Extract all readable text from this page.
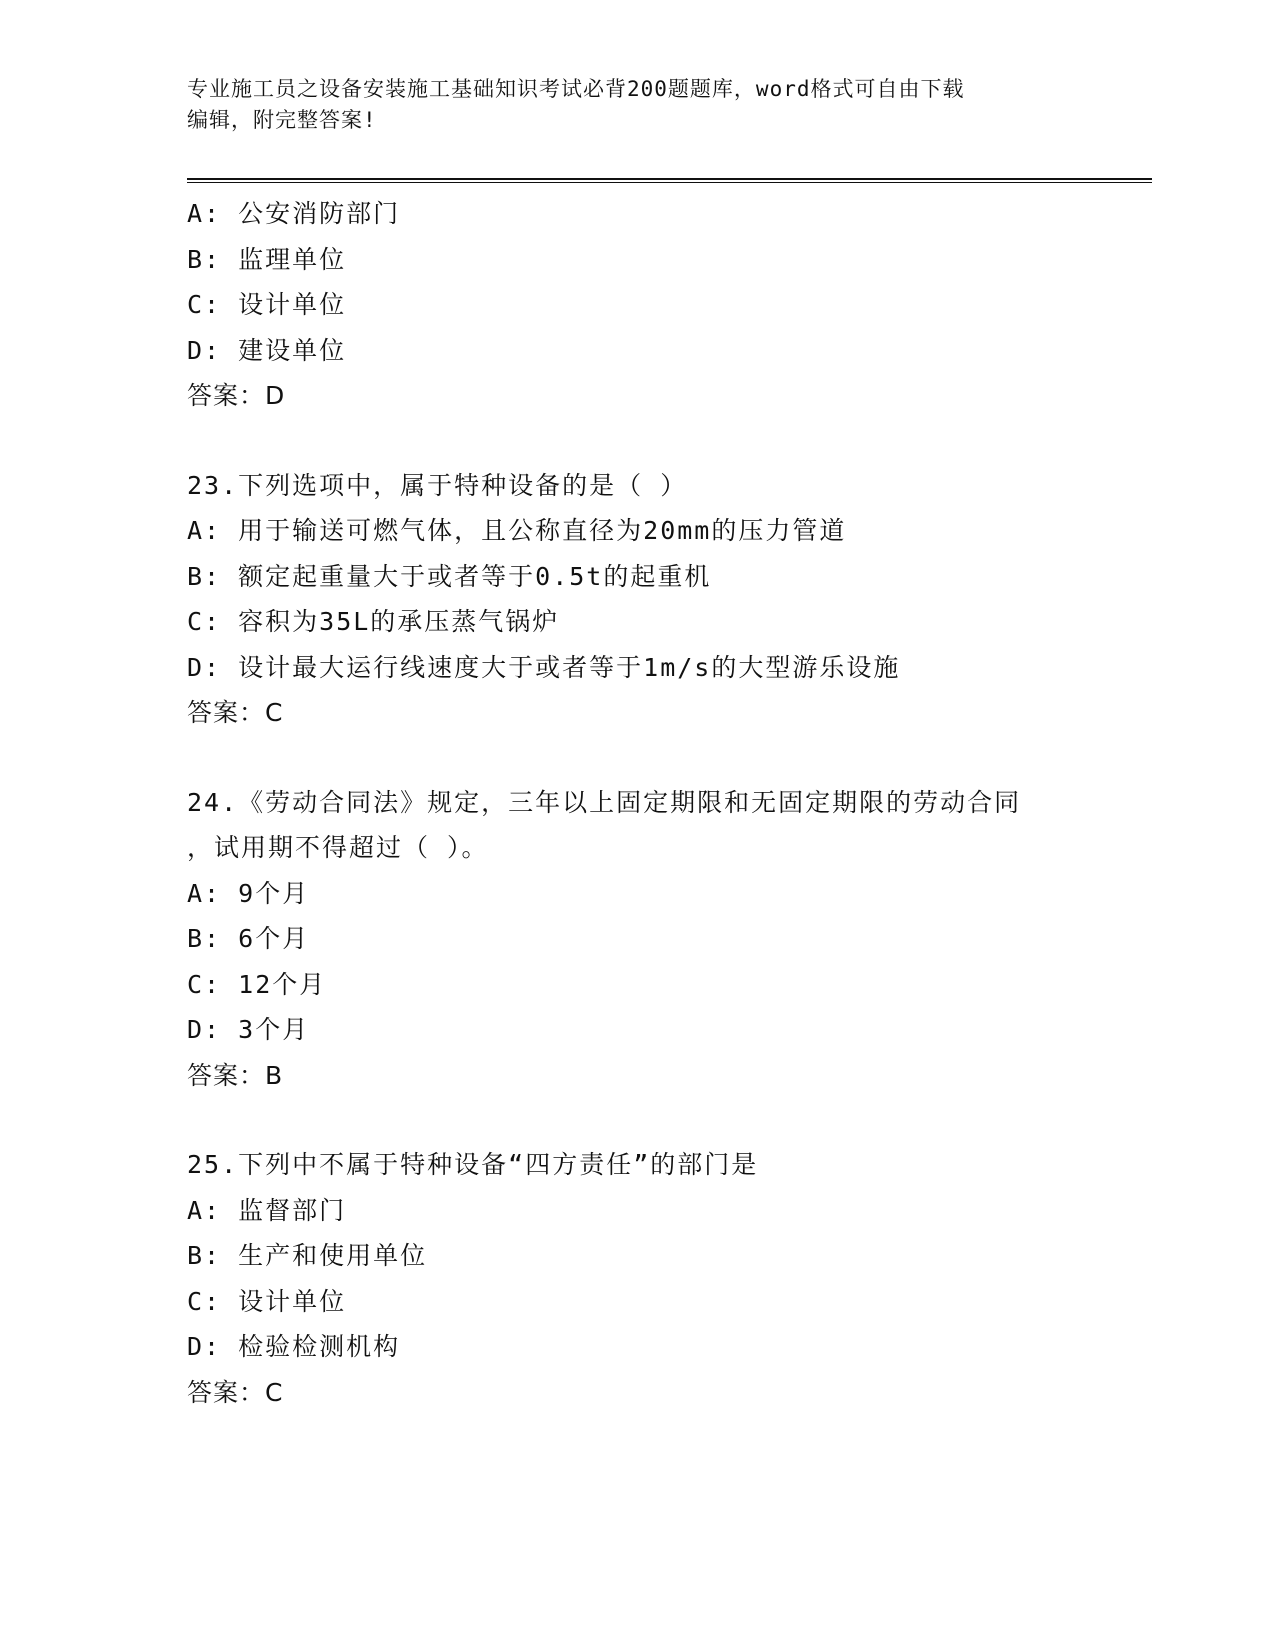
专业施工员之设备安装施工基础知识考试必背200题题库，word格式可自由下载
编辑，附完整答案!
A: 公安消防部门
B: 监理单位
C: 设计单位
D: 建设单位
答案：D
23.下列选项中，属于特种设备的是（ ）
A: 用于输送可燃气体，且公称直径为20mm的压力管道
B: 额定起重量大于或者等于0.5t的起重机
C: 容积为35L的承压蒸气锅炉
D: 设计最大运行线速度大于或者等于1m/s的大型游乐设施
答案：C
24.《劳动合同法》规定，三年以上固定期限和无固定期限的劳动合同
，试用期不得超过（ ）。
A: 9个月
B: 6个月
C: 12个月
D: 3个月
答案：B
25.下列中不属于特种设备“四方责任”的部门是
A: 监督部门
B: 生产和使用单位
C: 设计单位
D: 检验检测机构
答案：C
